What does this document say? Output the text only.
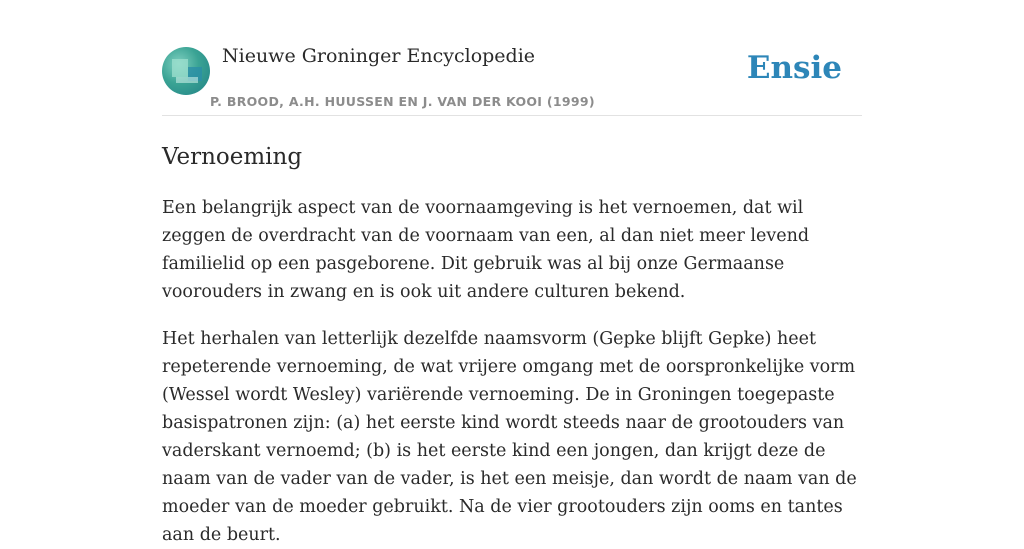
Nieuwe Groninger Encyclopedie
P. BROOD, A.H. HUUSSEN EN J. VAN DER KOOI (1999)
Ensie
Vernoeming

Een belangrijk aspect van de voornaamgeving is het vernoemen, dat wil zeggen de overdracht van de voornaam van een, al dan niet meer levend familielid op een pasgeborene. Dit gebruik was al bij onze Germaanse voorouders in zwang en is ook uit andere culturen bekend.

Het herhalen van letterlijk dezelfde naamsvorm (Gepke blijft Gepke) heet repeterende vernoeming, de wat vrijere omgang met de oorspronkelijke vorm (Wessel wordt Wesley) variërende vernoeming. De in Groningen toegepaste basispatronen zijn: (a) het eerste kind wordt steeds naar de grootouders van vaderskant vernoemd; (b) is het eerste kind een jongen, dan krijgt deze de naam van de vader van de vader, is het een meisje, dan wordt de naam van de moeder van de moeder gebruikt. Na de vier grootouders zijn ooms en tantes aan de beurt.
